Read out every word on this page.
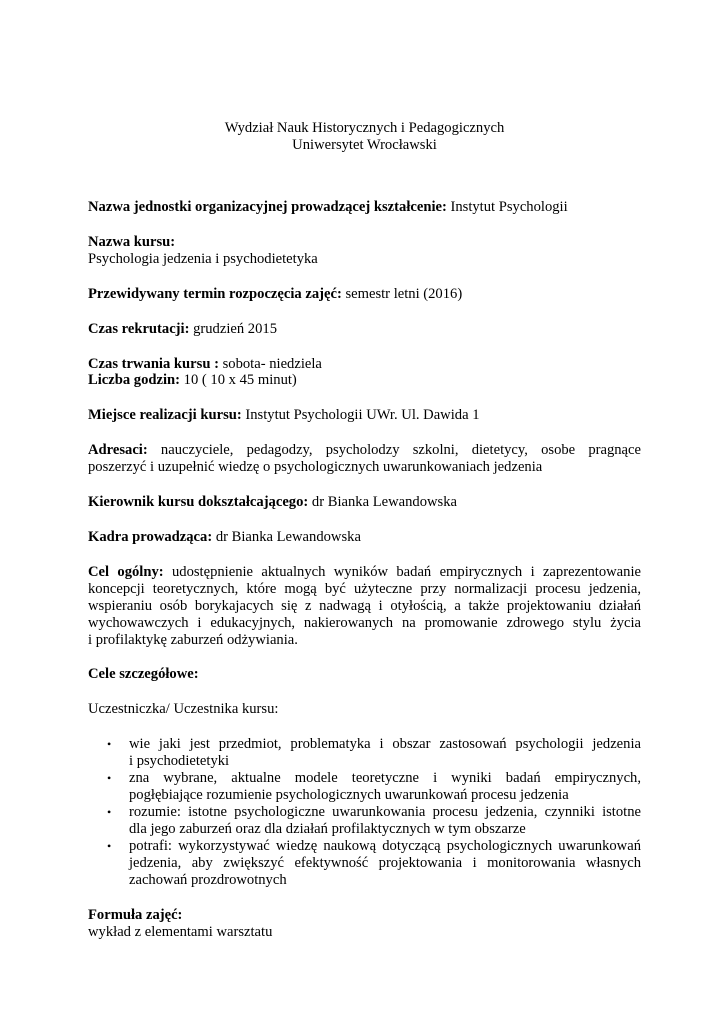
Wydział Nauk Historycznych i Pedagogicznych
Uniwersytet Wrocławski
Nazwa jednostki organizacyjnej prowadzącej kształcenie: Instytut Psychologii
Nazwa kursu:
Psychologia jedzenia i psychodietetyka
Przewidywany termin rozpoczęcia zajęć: semestr letni (2016)
Czas rekrutacji: grudzień 2015
Czas trwania kursu : sobota- niedziela
Liczba godzin: 10 ( 10 x 45 minut)
Miejsce realizacji kursu: Instytut Psychologii UWr. Ul. Dawida 1
Adresaci: nauczyciele, pedagodzy, psycholodzy szkolni, dietetycy, osobe pragnące
poszerzyć i uzupełnić wiedzę o psychologicznych uwarunkowaniach jedzenia
Kierownik kursu dokształcającego: dr Bianka Lewandowska
Kadra prowadząca: dr Bianka Lewandowska
Cel ogólny: udostępnienie aktualnych wyników badań empirycznych i zaprezentowanie
koncepcji teoretycznych, które mogą być użyteczne przy normalizacji procesu jedzenia,
wspieraniu osób borykajacych się z nadwagą i otyłością, a także projektowaniu działań
wychowawczych i edukacyjnych, nakierowanych na promowanie zdrowego stylu życia
i profilaktykę zaburzeń odżywiania.
Cele szczegółowe:
Uczestniczka/ Uczestnika kursu:
• wie jaki jest przedmiot, problematyka i obszar zastosowań psychologii jedzenia
i psychodietetyki
• zna wybrane, aktualne modele teoretyczne i wyniki badań empirycznych,
pogłębiające rozumienie psychologicznych uwarunkowań procesu jedzenia
• rozumie: istotne psychologiczne uwarunkowania procesu jedzenia, czynniki istotne
dla jego zaburzeń oraz dla działań profilaktycznych w tym obszarze
• potrafi: wykorzystywać wiedzę naukową dotyczącą psychologicznych uwarunkowań
jedzenia, aby zwiększyć efektywność projektowania i monitorowania własnych
zachowań prozdrowotnych
Formuła zajęć:
wykład z elementami warsztatu
